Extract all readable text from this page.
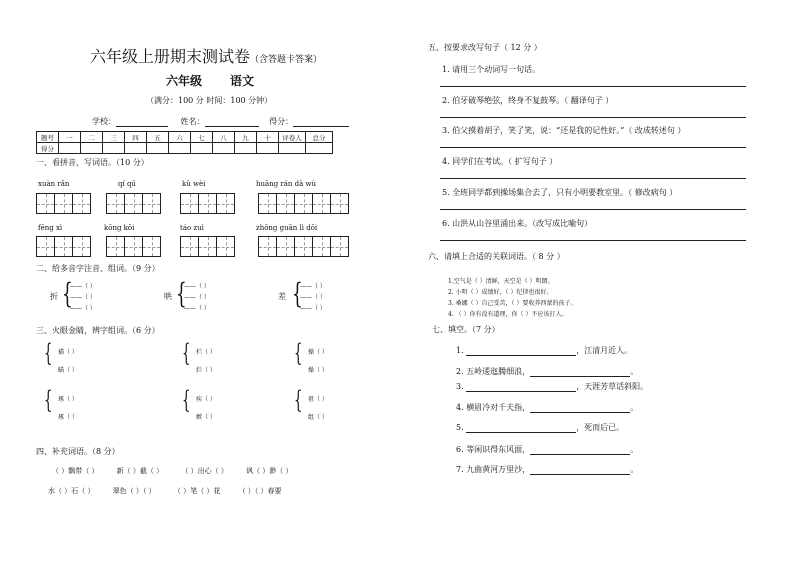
六年级上册期末测试卷（含答题卡答案）
六年级 语文
（满分：100 分 时间：100 分钟）
学校：	姓名：	得分：
题号	一	二	三	四	五	六	七	八	九	十	评卷人	总分
得分												
一、看拼音，写词语。（10 分）
xuàn rǎn	qí qū	kǔ wèi	huāng rán dà wù
fēng xì	kōng kōi	táo zuì	zhōng guān lì dōi
二、给多音字注音、组词。（9 分）
折 {
——（ ）
——（ ）
——（ ）
哄 {
——（ ）
——（ ）
——（ ）
差 {
——（ ）
——（ ）
——（ ）
三、火眼金睛，辨字组词。（6 分）
{ 描（ ）
瞄（ ）
{ 栏（ ）
拦（ ）
{ 操（ ）
燥（ ）
{ 琢（ ）
琢（ ）
{ 疾（ ）
嫉（ ）
{ 祖（ ）
组（ ）
四、补充词语。（8 分）
（ ）飘带（ ）	新（ ）截（ ）	（ ）出心（ ）	讽（ ）渺（ ）
水（ ）石（ ）	翠色（ ）（ ）	（ ）笔（ ）花	（ ）（ ）春要
五、按要求改写句子（ 12 分 ）
1. 请用三个动词写一句话。
2. 伯牙破琴绝弦，终身不复鼓琴。（ 翻译句子 ）
3. 伯父摸着胡子，笑了笑，说：“还是我的记性好。”（ 改成转述句 ）
4. 同学们在考试。（ 扩写句子 ）
5. 全班同学都到操场集合去了，只有小明要教室里。（ 修改病句 ）
6. 山洪从山谷里涌出来。（改写成比喻句）
六、请填上合适的关联词语。（ 8 分 ）
1.空气是（ ）清鲜，天空是（ ）明朗。
2. 小明（ ）成绩好，（ ）纪律也很好。
3. 桑娜（ ）自己受苦，（ ）要收养西蒙的孩子。
4. （ ）你有没有道理，你（ ）不应该打人。
七、填空。（7 分）
1.	，江清月近人。
2. 五岭逶迤腾细浪，	。
3.	，天涯芳草话斜阳。
4. 横眉冷对千夫指，	。
5.	，死而后已。
6. 等闲识得东风面，	。
7. 九曲黄河万里沙，	。
